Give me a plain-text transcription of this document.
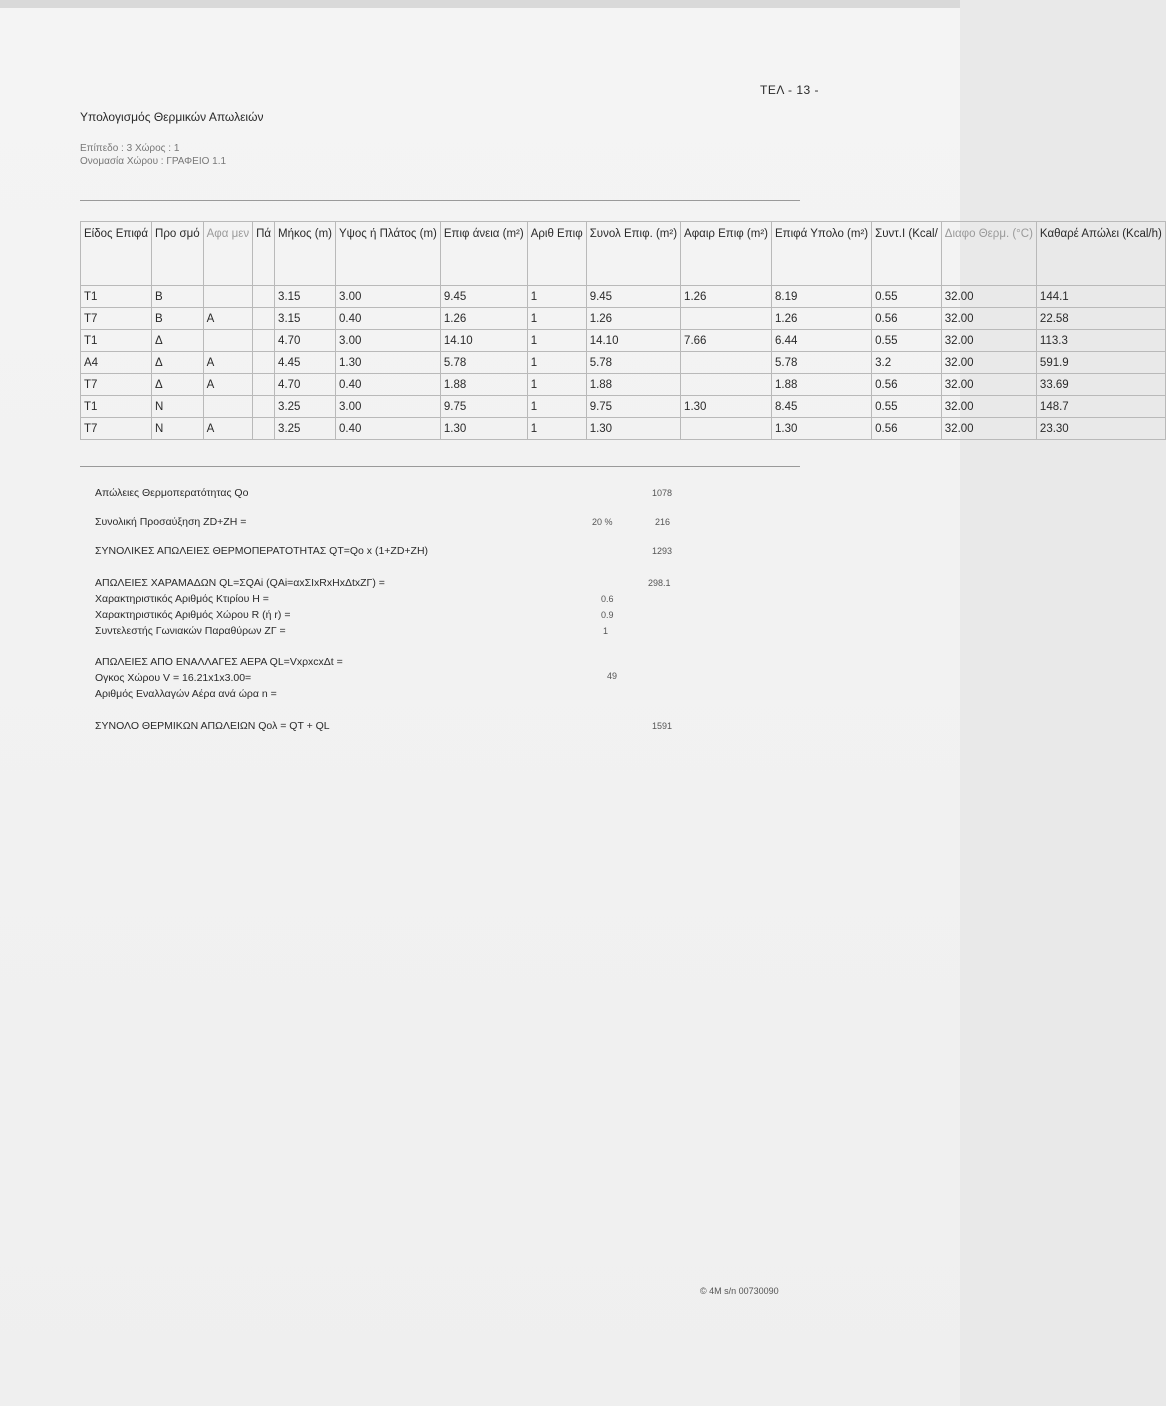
ΤΕΛ - 13 -
Υπολογισμός Θερμικών Απωλειών
Επίπεδο : 3 Χώρος : 1
Ονομασία Χώρου : ΓΡΑΦΕΙΟ 1.1
Είδος Επιφά	Προ σμό	Αφα μεν	Πά	Μήκος (m)	Υψος ή Πλάτος (m)	Επιφ άνεια (m²)	Αριθ Επιφ	Συνολ Επιφ. (m²)	Αφαιρ Επιφ (m²)	Επιφά Υπολο (m²)	Συντ.Ι (Kcal/	Διαφο Θερμ. (°C)	Καθαρέ Απώλει (Kcal/h)
T1	B			3.15	3.00	9.45	1	9.45	1.26	8.19	0.55	32.00	144.1
T7	B	A		3.15	0.40	1.26	1	1.26		1.26	0.56	32.00	22.58
T1	Δ			4.70	3.00	14.10	1	14.10	7.66	6.44	0.55	32.00	113.3
A4	Δ	A		4.45	1.30	5.78	1	5.78		5.78	3.2	32.00	591.9
T7	Δ	A		4.70	0.40	1.88	1	1.88		1.88	0.56	32.00	33.69
T1	N			3.25	3.00	9.75	1	9.75	1.30	8.45	0.55	32.00	148.7
T7	N	A		3.25	0.40	1.30	1	1.30		1.30	0.56	32.00	23.30
Απώλειες Θερμοπερατότητας Qo	1078
Συνολική Προσαύξηση ZD+ZH =	20 %	216
ΣΥΝΟΛΙΚΕΣ ΑΠΩΛΕΙΕΣ ΘΕΡΜΟΠΕΡΑΤΟΤΗΤΑΣ QT=Qo x (1+ZD+ZH)	1293
ΑΠΩΛΕΙΕΣ ΧΑΡΑΜΑΔΩΝ QL=ΣQAi (QAi=αxΣIxRxHxΔtxZΓ) =	298.1
Χαρακτηριστικός Αριθμός Κτιρίου H =	0.6
Χαρακτηριστικός Αριθμός Χώρου R (ή r) =	0.9
Συντελεστής Γωνιακών Παραθύρων ZΓ =	1
ΑΠΩΛΕΙΕΣ ΑΠΟ ΕΝΑΛΛΑΓΕΣ ΑΕΡΑ QL=VxρxcxΔt =
Ογκος Χώρου V = 16.21x1x3.00=	49
Αριθμός Εναλλαγών Αέρα ανά ώρα n =
ΣΥΝΟΛΟ ΘΕΡΜΙΚΩΝ ΑΠΩΛΕΙΩΝ Qολ = QT + QL	1591
© 4M s/n 00730090
